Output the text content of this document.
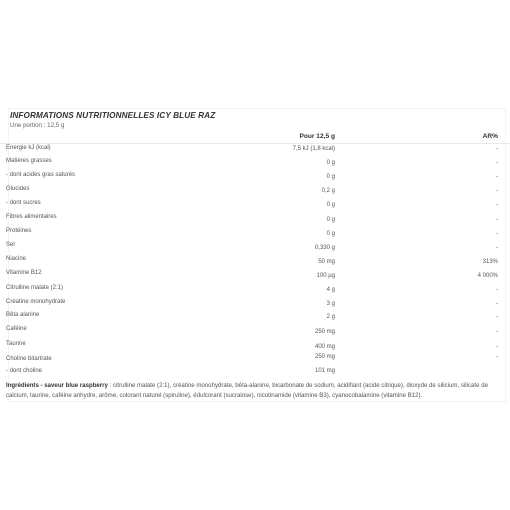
INFORMATIONS NUTRITIONNELLES ICY BLUE RAZ
Une portion : 12,5 g
Pour 12,5 g	AR%
Energie kJ (kcal)	7,5 kJ (1,8 kcal)	-
Matières grasses	0 g	-
- dont acides gras saturés	0 g	-
Glucides	0,2 g	-
- dont sucres	0 g	-
Fibres alimentaires	0 g	-
Protéines	0 g	-
Sel	0,330 g	-
Niacine	50 mg	313%
Vitamine B12	100 µg	4 000%
Citrulline malate (2:1)	4 g	-
Créatine monohydrate	3 g	-
Bêta alanine	2 g	-
Caféine	250 mg	-
Taurine	400 mg	-
Choline bitartrate	250 mg	-
- dont choline	101 mg
Ingrédients - saveur blue raspberry : citrulline malate (2:1), créatine monohydrate, bêta-alanine, bicarbonate de sodium, acidifiant (acide citrique), dioxyde de silicium, silicate de calcium, taurine, caféine anhydre, arôme, colorant naturel (spiruline), édulcorant (sucralose), nicotinamide (vitamine B3), cyanocobalamine (vitamine B12).
